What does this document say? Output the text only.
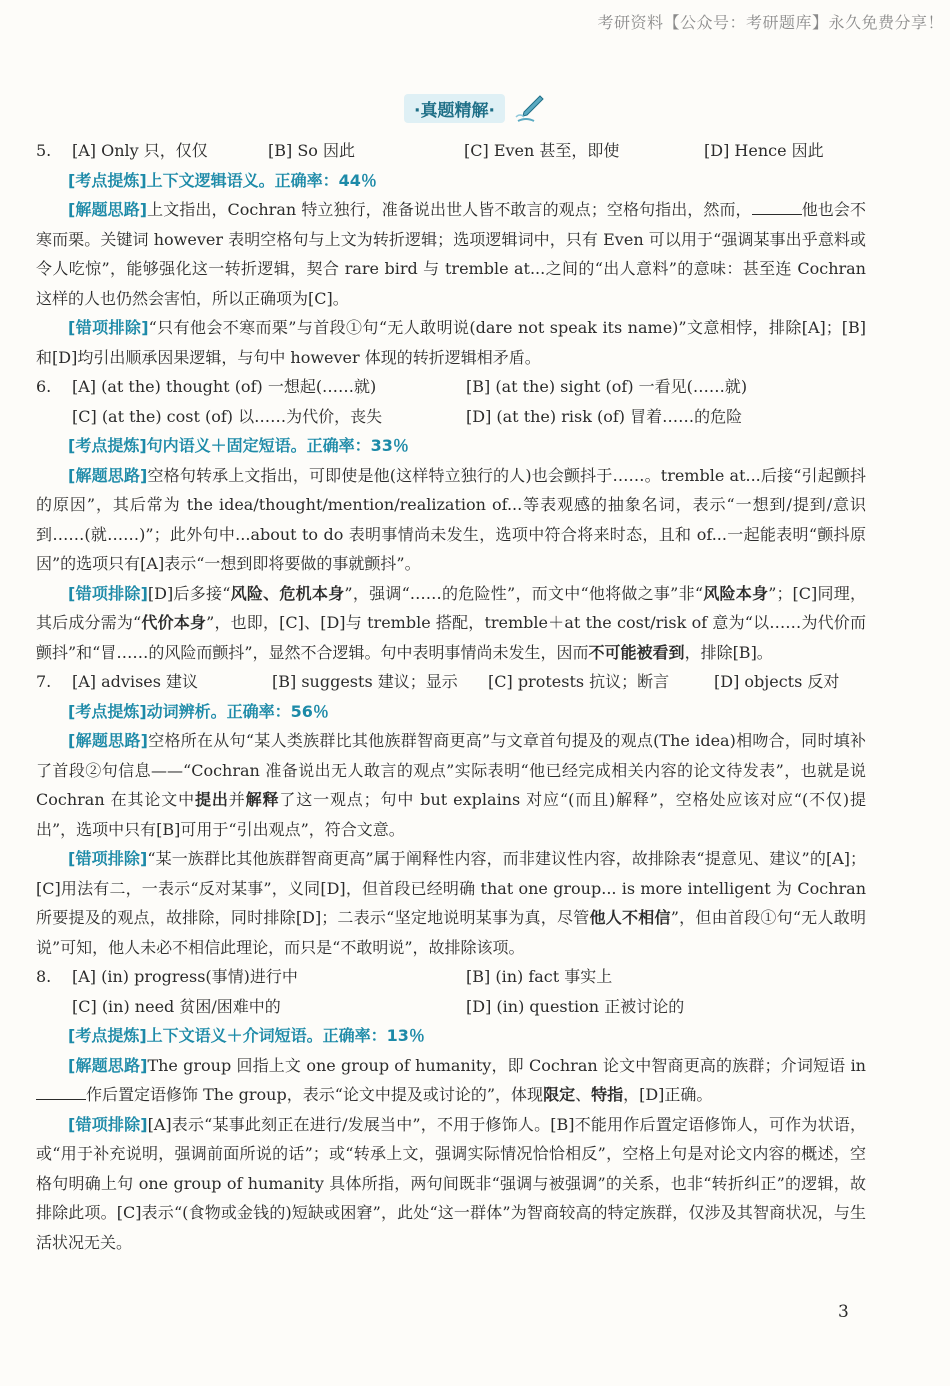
考研资料【公众号：考研题库】永久免费分享！
·真题精解·
5.	[A] Only 只，仅仅	[B] So 因此	[C] Even 甚至，即使	[D] Hence 因此

[考点提炼]上下文逻辑语义。正确率：44％

[解题思路]上文指出，Cochran 特立独行，准备说出世人皆不敢言的观点；空格句指出，然而，	他也会不寒而栗。关键词 however 表明空格句与上文为转折逻辑；选项逻辑词中，只有 Even 可以用于“强调某事出乎意料或令人吃惊”，能够强化这一转折逻辑，契合 rare bird 与 tremble at...之间的“出人意料”的意味：甚至连 Cochran 这样的人也仍然会害怕，所以正确项为[C]。

[错项排除]“只有他会不寒而栗”与首段①句“无人敢明说(dare not speak its name)”文意相悖，排除[A]；[B]和[D]均引出顺承因果逻辑，与句中 however 体现的转折逻辑相矛盾。

6.	[A] (at the) thought (of) 一想起(……就)	[B] (at the) sight (of) 一看见(……就)
[C] (at the) cost (of) 以……为代价，丧失	[D] (at the) risk (of) 冒着……的危险

[考点提炼]句内语义＋固定短语。正确率：33％

[解题思路]空格句转承上文指出，可即使是他(这样特立独行的人)也会颤抖于……。tremble at...后接“引起颤抖的原因”，其后常为 the idea/thought/mention/realization of...等表观感的抽象名词，表示“一想到/提到/意识到……(就……)”；此外句中...about to do 表明事情尚未发生，选项中符合将来时态，且和 of...一起能表明“颤抖原因”的选项只有[A]表示“一想到即将要做的事就颤抖”。

[错项排除][D]后多接“风险、危机本身”，强调“……的危险性”，而文中“他将做之事”非“风险本身”；[C]同理，其后成分需为“代价本身”，也即，[C]、[D]与 tremble 搭配，tremble＋at the cost/risk of 意为“以……为代价而颤抖”和“冒……的风险而颤抖”，显然不合逻辑。句中表明事情尚未发生，因而不可能被看到，排除[B]。

7.	[A] advises 建议	[B] suggests 建议；显示	[C] protests 抗议；断言	[D] objects 反对

[考点提炼]动词辨析。正确率：56％

[解题思路]空格所在从句“某人类族群比其他族群智商更高”与文章首句提及的观点(The idea)相吻合，同时填补了首段②句信息——“Cochran 准备说出无人敢言的观点”实际表明“他已经完成相关内容的论文待发表”，也就是说 Cochran 在其论文中提出并解释了这一观点；句中 but explains 对应“(而且)解释”，空格处应该对应“(不仅)提出”，选项中只有[B]可用于“引出观点”，符合文意。

[错项排除]“某一族群比其他族群智商更高”属于阐释性内容，而非建议性内容，故排除表“提意见、建议”的[A]；[C]用法有二，一表示“反对某事”，义同[D]，但首段已经明确 that one group... is more intelligent 为 Cochran 所要提及的观点，故排除，同时排除[D]；二表示“坚定地说明某事为真，尽管他人不相信”，但由首段①句“无人敢明说”可知，他人未必不相信此理论，而只是“不敢明说”，故排除该项。

8.	[A] (in) progress(事情)进行中	[B] (in) fact 事实上
[C] (in) need 贫困/困难中的	[D] (in) question 正被讨论的

[考点提炼]上下文语义＋介词短语。正确率：13％

[解题思路]The group 回指上文 one group of humanity，即 Cochran 论文中智商更高的族群；介词短语 in 作后置定语修饰 The group，表示“论文中提及或讨论的”，体现限定、特指，[D]正确。

[错项排除][A]表示“某事此刻正在进行/发展当中”，不用于修饰人。[B]不能用作后置定语修饰人，可作为状语，或“用于补充说明，强调前面所说的话”；或“转承上文，强调实际情况恰恰相反”，空格上句是对论文内容的概述，空格句明确上句 one group of humanity 具体所指，两句间既非“强调与被强调”的关系，也非“转折纠正”的逻辑，故排除此项。[C]表示“(食物或金钱的)短缺或困窘”，此处“这一群体”为智商较高的特定族群，仅涉及其智商状况，与生活状况无关。

3
